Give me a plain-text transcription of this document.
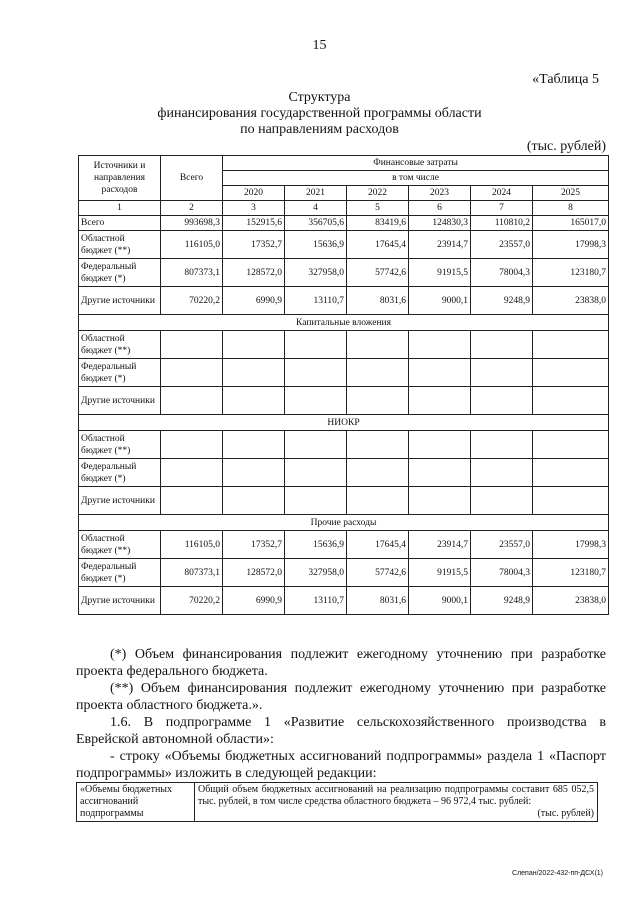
15
«Таблица 5
Структура
финансирования государственной программы области
по направлениям расходов
(тыс. рублей)
Источники и направления расходов	Всего	Финансовые затраты					
		в том числе					
		2020	2021	2022	2023	2024	2025
1	2	3	4	5	6	7	8
Всего	993698,3	152915,6	356705,6	83419,6	124830,3	110810,2	165017,0
Областной бюджет (**)	116105,0	17352,7	15636,9	17645,4	23914,7	23557,0	17998,3
Федеральный бюджет (*)	807373,1	128572,0	327958,0	57742,6	91915,5	78004,3	123180,7
Другие источники	70220,2	6990,9	13110,7	8031,6	9000,1	9248,9	23838,0
Капитальные вложения							
Областной бюджет (**)							
Федеральный бюджет (*)							
Другие источники							
НИОКР							
Областной бюджет (**)							
Федеральный бюджет (*)							
Другие источники							
Прочие расходы							
Областной бюджет (**)	116105,0	17352,7	15636,9	17645,4	23914,7	23557,0	17998,3
Федеральный бюджет (*)	807373,1	128572,0	327958,0	57742,6	91915,5	78004,3	123180,7
Другие источники	70220,2	6990,9	13110,7	8031,6	9000,1	9248,9	23838,0

(*) Объем финансирования подлежит ежегодному уточнению при разработке проекта федерального бюджета.

(**) Объем финансирования подлежит ежегодному уточнению при разработке проекта областного бюджета.».

1.6. В подпрограмме 1 «Развитие сельскохозяйственного производства в Еврейской автономной области»:

- строку «Объемы бюджетных ассигнований подпрограммы» раздела 1 «Паспорт подпрограммы» изложить в следующей редакции:

«Объемы бюджетных ассигнований подпрограммы	
Общий объем бюджетных ассигнований на реализацию подпрограммы составит 685 052,5 тыс. рублей, в том числе средства областного бюджета – 96 972,4 тыс. рублей:
(тыс. рублей)
Слепан/2022-432-пп-ДСХ(1)
